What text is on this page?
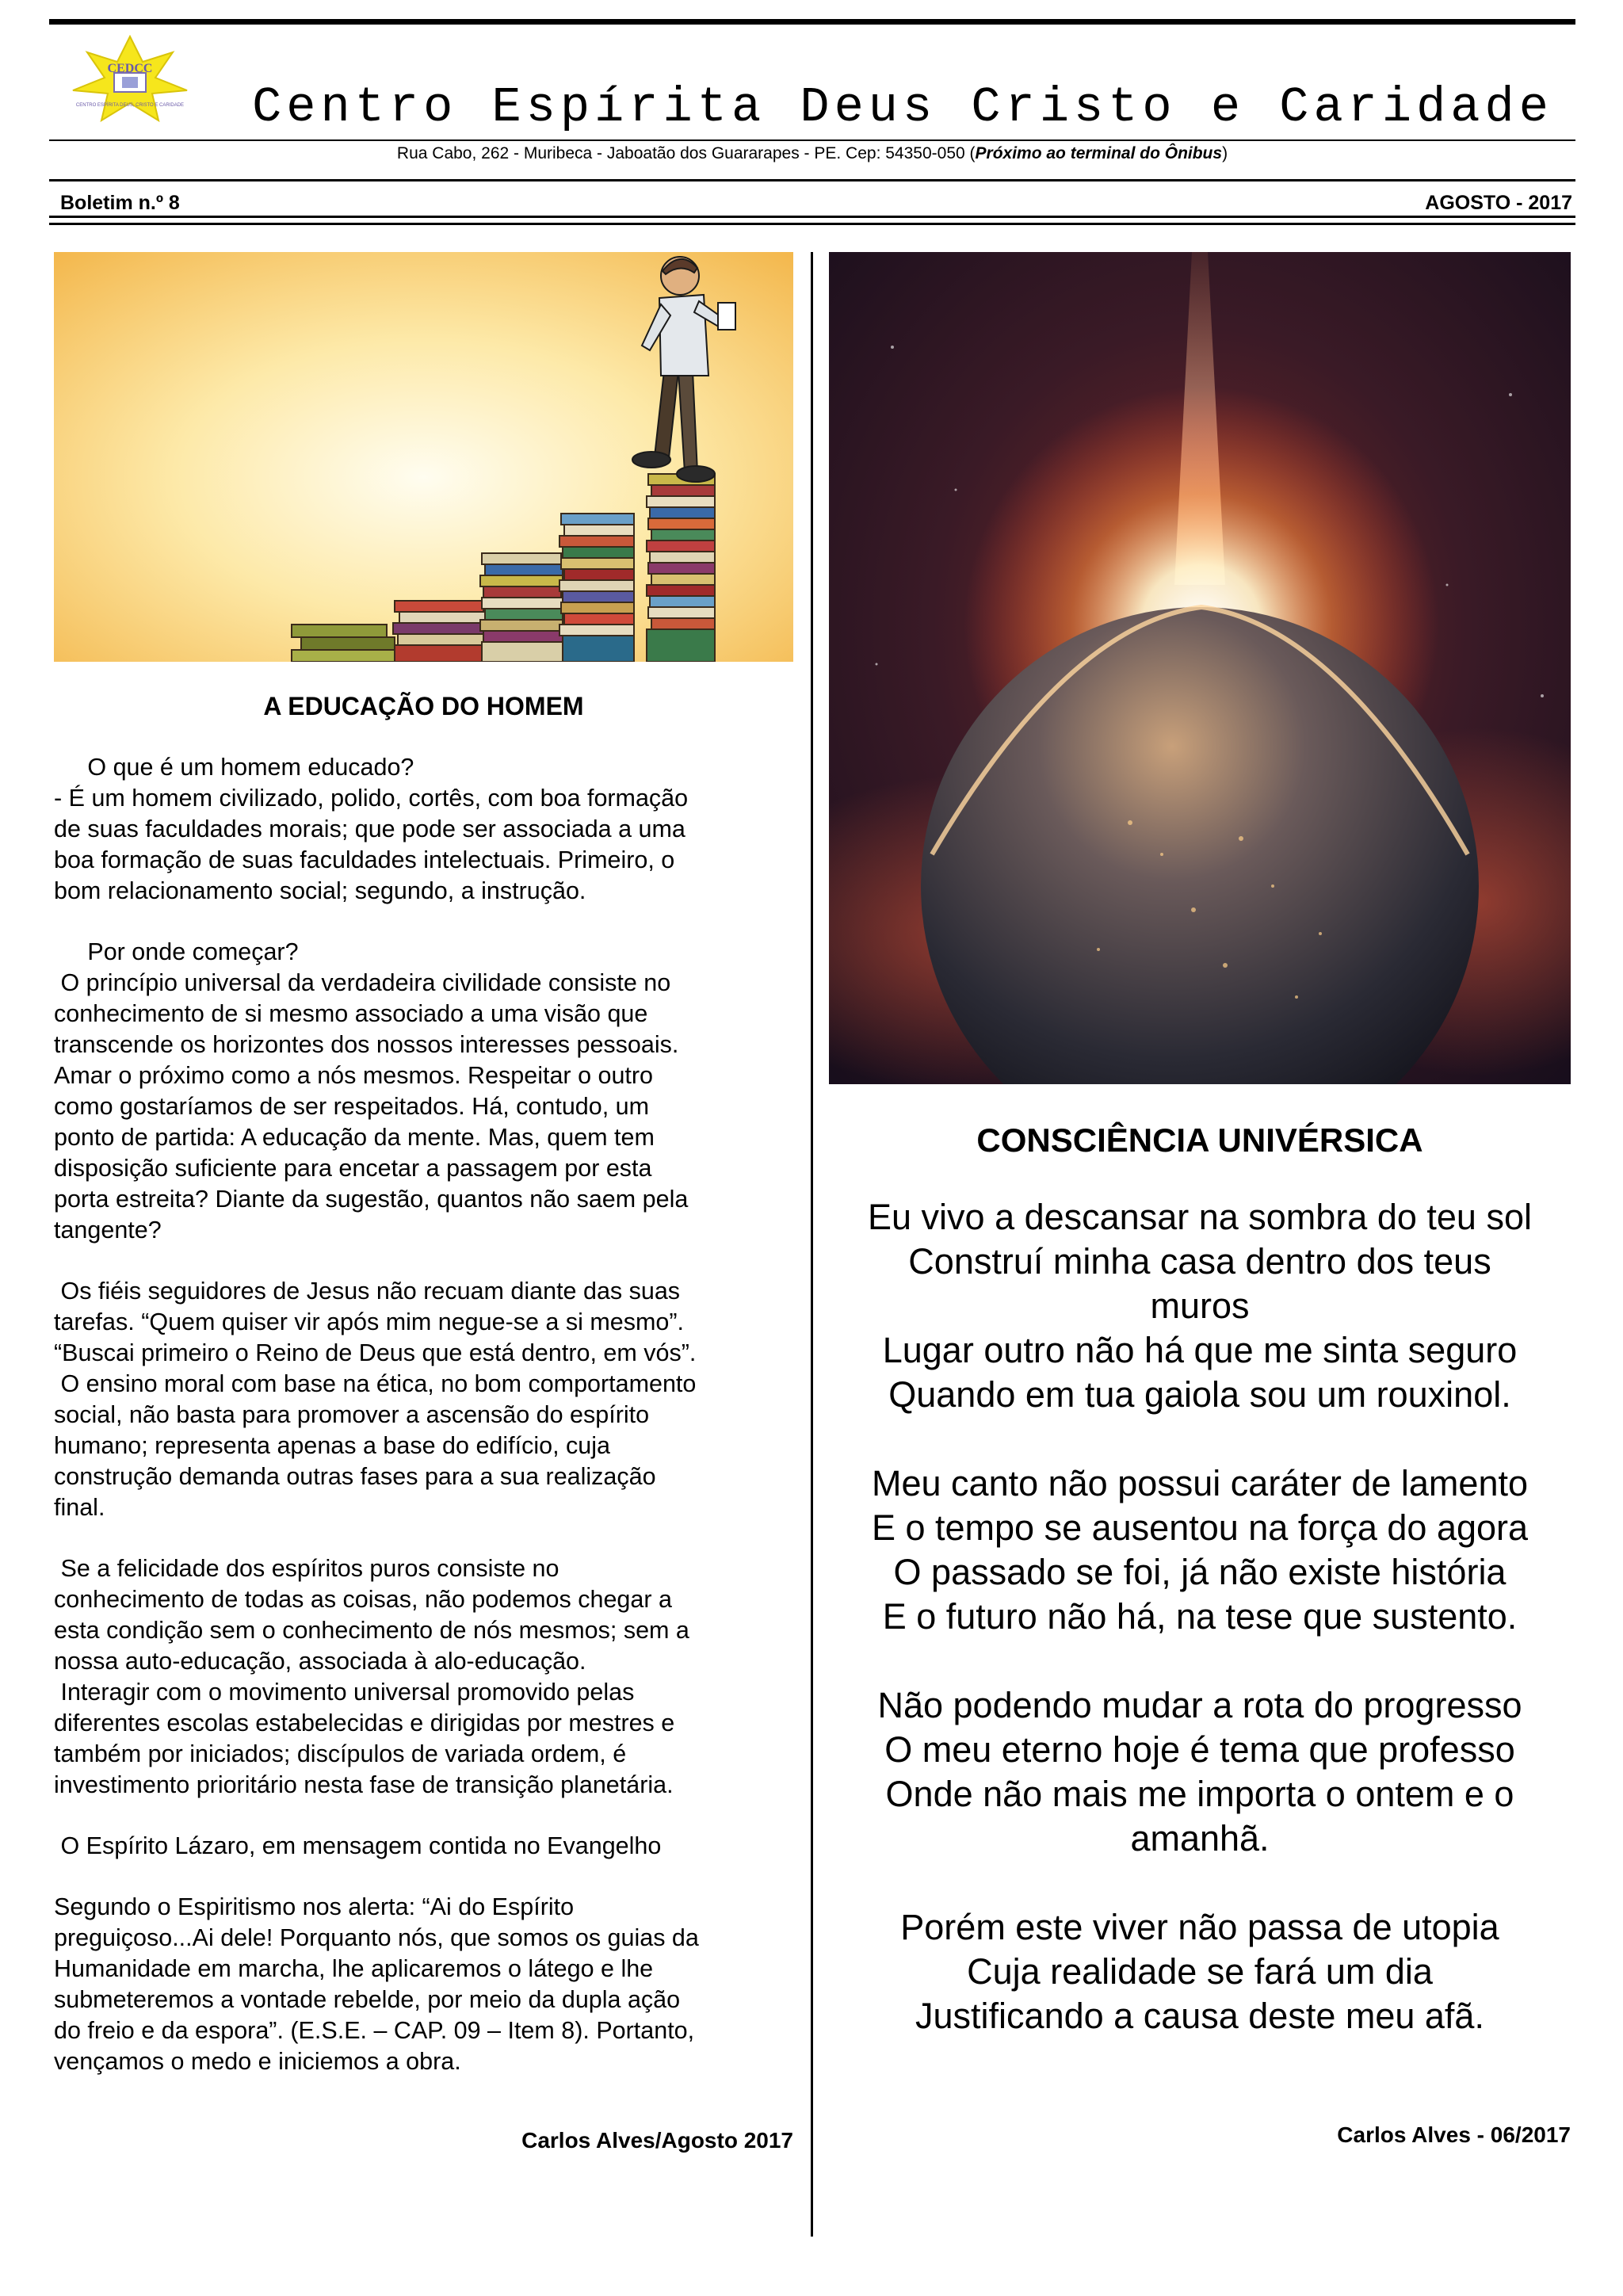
CEDCC
CENTRO ESPÍRITA DEUS, CRISTO E CARIDADE	Centro Espírita Deus Cristo e Caridade
Rua Cabo, 262 - Muribeca - Jaboatão dos Guararapes - PE. Cep: 54350-050 (Próximo ao terminal do Ônibus)
Boletim n.º 8	AGOSTO - 2017
A EDUCAÇÃO DO HOMEM

O que é um homem educado?

- É um homem civilizado, polido, cortês, com boa formação

de suas faculdades morais; que pode ser associada a uma

boa formação de suas faculdades intelectuais. Primeiro, o

bom relacionamento social; segundo, a instrução.

Por onde começar?

O princípio universal da verdadeira civilidade consiste no

conhecimento de si mesmo associado a uma visão que

transcende os horizontes dos nossos interesses pessoais.

Amar o próximo como a nós mesmos. Respeitar o outro

como gostaríamos de ser respeitados. Há, contudo, um

ponto de partida: A educação da mente. Mas, quem tem

disposição suficiente para encetar a passagem por esta

porta estreita? Diante da sugestão, quantos não saem pela

tangente?

Os fiéis seguidores de Jesus não recuam diante das suas

tarefas. “Quem quiser vir após mim negue-se a si mesmo”.

“Buscai primeiro o Reino de Deus que está dentro, em vós”.

O ensino moral com base na ética, no bom comportamento

social, não basta para promover a ascensão do espírito

humano; representa apenas a base do edifício, cuja

construção demanda outras fases para a sua realização

final.

Se a felicidade dos espíritos puros consiste no

conhecimento de todas as coisas, não podemos chegar a

esta condição sem o conhecimento de nós mesmos; sem a

nossa auto-educação, associada à alo-educação.

Interagir com o movimento universal promovido pelas

diferentes escolas estabelecidas e dirigidas por mestres e

também por iniciados; discípulos de variada ordem, é

investimento prioritário nesta fase de transição planetária.

O Espírito Lázaro, em mensagem contida no Evangelho

Segundo o Espiritismo nos alerta: “Ai do Espírito

preguiçoso...Ai dele! Porquanto nós, que somos os guias da

Humanidade em marcha, lhe aplicaremos o látego e lhe

submeteremos a vontade rebelde, por meio da dupla ação

do freio e da espora”. (E.S.E. – CAP. 09 – Item 8). Portanto,

vençamos o medo e iniciemos a obra.

Carlos Alves/Agosto 2017
CONSCIÊNCIA UNIVÉRSICA

Eu vivo a descansar na sombra do teu sol

Construí minha casa dentro dos teus

muros

Lugar outro não há que me sinta seguro

Quando em tua gaiola sou um rouxinol.

Meu canto não possui caráter de lamento

E o tempo se ausentou na força do agora

O passado se foi, já não existe história

E o futuro não há, na tese que sustento.

Não podendo mudar a rota do progresso

O meu eterno hoje é tema que professo

Onde não mais me importa o ontem e o

amanhã.

Porém este viver não passa de utopia

Cuja realidade se fará um dia

Justificando a causa deste meu afã.

Carlos Alves - 06/2017
